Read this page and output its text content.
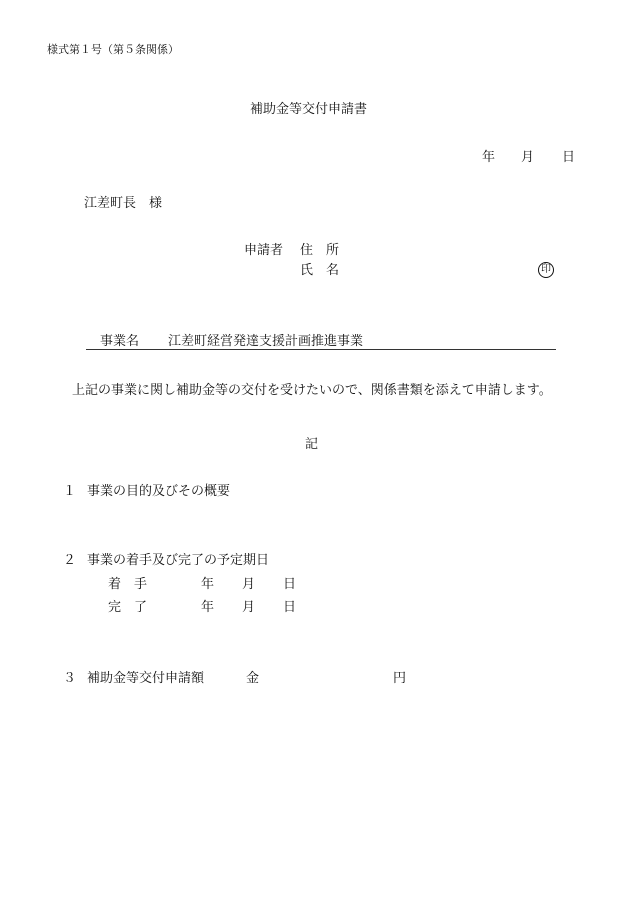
様式第１号（第５条関係）
補助金等交付申請書
年 月 日
江差町長　様
申請者 住　所
氏　名	印
事業名 江差町経営発達支援計画推進事業
上記の事業に関し補助金等の交付を受けたいので、関係書類を添えて申請します。
記
１ 事業の目的及びその概要
２ 事業の着手及び完了の予定期日
着　手	年 月 日
完　了	年 月 日
３ 補助金等交付申請額	金	円
